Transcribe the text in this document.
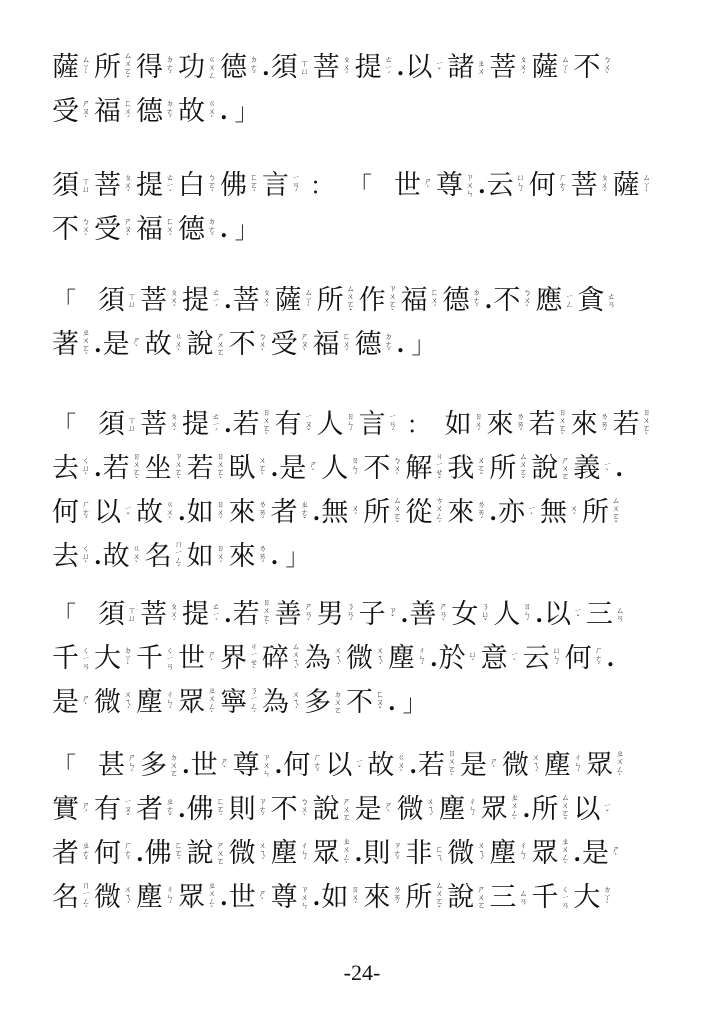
薩 ㄙ
ㄚ
ˋ 所 ㄙ
ㄨ
ㄛ
ˇ 得 ㄉ
ㄜ
ˊ 功 ㄍ
ㄨ
ㄥ 德 ㄉ
ㄜ
ˊ . 須 ㄒ
ㄩ 菩 ㄆ
ㄨ
ˊ 提 ㄊ
ㄧ
ˊ . 以 ㄧ
ˇ 諸 ㄓ
ㄨ 菩 ㄆ
ㄨ
ˊ 薩 ㄙ
ㄚ
ˋ 不 ㄅ
ㄨ
ˋ
受 ㄕ
ㄡ
ˋ 福 ㄈ
ㄨ
ˊ 德 ㄉ
ㄜ
ˊ 故 ㄍ
ㄨ
ˋ . 」
須 ㄒ
ㄩ 菩 ㄆ
ㄨ
ˊ 提 ㄊ
ㄧ
ˊ 白 ㄅ
ㄛ
ˊ 佛 ㄈ
ㄛ
ˊ 言 ㄧ
ㄢ
ˊ ： 「 世 ㄕ
ˋ 尊 ㄗ
ㄨ
ㄣ . 云 ㄩ
ㄣ
ˊ 何 ㄏ
ㄜ
ˊ 菩 ㄆ
ㄨ
ˊ 薩 ㄙ
ㄚ
ˋ
不 ㄅ
ㄨ
ˋ 受 ㄕ
ㄡ
ˋ 福 ㄈ
ㄨ
ˊ 德 ㄉ
ㄜ
ˊ . 」
「 須 ㄒ
ㄩ 菩 ㄆ
ㄨ
ˊ 提 ㄊ
ㄧ
ˊ . 菩 ㄆ
ㄨ
ˊ 薩 ㄙ
ㄚ
ˋ 所 ㄙ
ㄨ
ㄛ
ˇ 作 ㄗ
ㄨ
ㄛ
ˋ 福 ㄈ
ㄨ
ˊ 德 ㄉ
ㄜ
ˊ . 不 ㄅ
ㄨ
ˋ 應 ㄧ
ㄥ 貪 ㄊ
ㄢ
著 ㄓ
ㄨ
ㄛ
ˊ . 是 ㄕ
ˋ 故 ㄍ
ㄨ
ˋ 說 ㄕ
ㄨ
ㄛ 不 ㄅ
ㄨ
ˋ 受 ㄕ
ㄡ
ˋ 福 ㄈ
ㄨ
ˊ 德 ㄉ
ㄜ
ˊ . 」
「 須 ㄒ
ㄩ 菩 ㄆ
ㄨ
ˊ 提 ㄊ
ㄧ
ˊ . 若 ㄖ
ㄨ
ㄛ
ˋ 有 ㄧ
ㄡ
ˇ 人 ㄖ
ㄣ
ˊ 言 ㄧ
ㄢ
ˊ ： 如 ㄖ
ㄨ
ˊ 來 ㄌ
ㄞ
ˊ 若 ㄖ
ㄨ
ㄛ
ˋ 來 ㄌ
ㄞ
ˊ 若 ㄖ
ㄨ
ㄛ
ˋ
去 ㄑ
ㄩ
ˋ . 若 ㄖ
ㄨ
ㄛ
ˋ 坐 ㄗ
ㄨ
ㄛ
ˋ 若 ㄖ
ㄨ
ㄛ
ˋ 臥 ㄨ
ㄛ
ˋ . 是 ㄕ
ˋ 人 ㄖ
ㄣ
ˊ 不 ㄅ
ㄨ
ˋ 解 ㄐ
ㄧ
ㄝ
ˇ 我 ㄨ
ㄛ
ˇ 所 ㄙ
ㄨ
ㄛ
ˇ 說 ㄕ
ㄨ
ㄛ 義 ㄧ
ˋ .
何 ㄏ
ㄜ
ˊ 以 ㄧ
ˇ 故 ㄍ
ㄨ
ˋ . 如 ㄖ
ㄨ
ˊ 來 ㄌ
ㄞ
ˊ 者 ㄓ
ㄜ
ˇ . 無 ㄨ
ˊ 所 ㄙ
ㄨ
ㄛ
ˇ 從 ㄘ
ㄨ
ㄥ
ˊ 來 ㄌ
ㄞ
ˊ . 亦 ㄧ
ˋ 無 ㄨ
ˊ 所 ㄙ
ㄨ
ㄛ
ˇ
去 ㄑ
ㄩ
ˋ . 故 ㄍ
ㄨ
ˋ 名 ㄇ
ㄧ
ㄥ
ˊ 如 ㄖ
ㄨ
ˊ 來 ㄌ
ㄞ
ˊ . 」
「 須 ㄒ
ㄩ 菩 ㄆ
ㄨ
ˊ 提 ㄊ
ㄧ
ˊ . 若 ㄖ
ㄨ
ㄛ
ˋ 善 ㄕ
ㄢ
ˋ 男 ㄋ
ㄢ
ˊ 子 ㄗ
ˇ . 善 ㄕ
ㄢ
ˋ 女 ㄋ
ㄩ
ˇ 人 ㄖ
ㄣ
ˊ . 以 ㄧ
ˇ 三 ㄙ
ㄢ
千 ㄑ
ㄧ
ㄢ 大 ㄉ
ㄚ
ˋ 千 ㄑ
ㄧ
ㄢ 世 ㄕ
ˋ 界 ㄐ
ㄧ
ㄝ
ˋ 碎 ㄙ
ㄨ
ㄟ
ˋ 為 ㄨ
ㄟ
ˊ 微 ㄨ
ㄟ
ˊ 塵 ㄔ
ㄣ
ˊ . 於 ㄩ
ˊ 意 ㄧ
ˋ 云 ㄩ
ㄣ
ˊ 何 ㄏ
ㄜ
ˊ .
是 ㄕ
ˋ 微 ㄨ
ㄟ
ˊ 塵 ㄔ
ㄣ
ˊ 眾 ㄓ
ㄨ
ㄥ
ˋ 寧 ㄋ
ㄧ
ㄥ
ˊ 為 ㄨ
ㄟ
ˊ 多 ㄉ
ㄨ
ㄛ 不 ㄈ
ㄡ
ˇ . 」
「 甚 ㄕ
ㄣ
ˋ 多 ㄉ
ㄨ
ㄛ . 世 ㄕ
ˋ 尊 ㄗ
ㄨ
ㄣ . 何 ㄏ
ㄜ
ˊ 以 ㄧ
ˇ 故 ㄍ
ㄨ
ˋ . 若 ㄖ
ㄨ
ㄛ
ˋ 是 ㄕ
ˋ 微 ㄨ
ㄟ
ˊ 塵 ㄔ
ㄣ
ˊ 眾 ㄓ
ㄨ
ㄥ
ˋ
實 ㄕ
ˊ 有 ㄧ
ㄡ
ˇ 者 ㄓ
ㄜ
ˇ . 佛 ㄈ
ㄛ
ˊ 則 ㄗ
ㄜ
ˊ 不 ㄅ
ㄨ
ˋ 說 ㄕ
ㄨ
ㄛ 是 ㄕ
ˋ 微 ㄨ
ㄟ
ˊ 塵 ㄔ
ㄣ
ˊ 眾 ㄓ
ㄨ
ㄥ
ˋ . 所 ㄙ
ㄨ
ㄛ
ˇ 以 ㄧ
ˇ
者 ㄓ
ㄜ
ˇ 何 ㄏ
ㄜ
ˊ . 佛 ㄈ
ㄛ
ˊ 說 ㄕ
ㄨ
ㄛ 微 ㄨ
ㄟ
ˊ 塵 ㄔ
ㄣ
ˊ 眾 ㄓ
ㄨ
ㄥ
ˋ . 則 ㄗ
ㄜ
ˊ 非 ㄈ
ㄟ 微 ㄨ
ㄟ
ˊ 塵 ㄔ
ㄣ
ˊ 眾 ㄓ
ㄨ
ㄥ
ˋ . 是 ㄕ
ˋ
名 ㄇ
ㄧ
ㄥ
ˊ 微 ㄨ
ㄟ
ˊ 塵 ㄔ
ㄣ
ˊ 眾 ㄓ
ㄨ
ㄥ
ˋ . 世 ㄕ
ˋ 尊 ㄗ
ㄨ
ㄣ . 如 ㄖ
ㄨ
ˊ 來 ㄌ
ㄞ
ˊ 所 ㄙ
ㄨ
ㄛ
ˇ 說 ㄕ
ㄨ
ㄛ 三 ㄙ
ㄢ 千 ㄑ
ㄧ
ㄢ 大 ㄉ
ㄚ
ˋ
-24-
